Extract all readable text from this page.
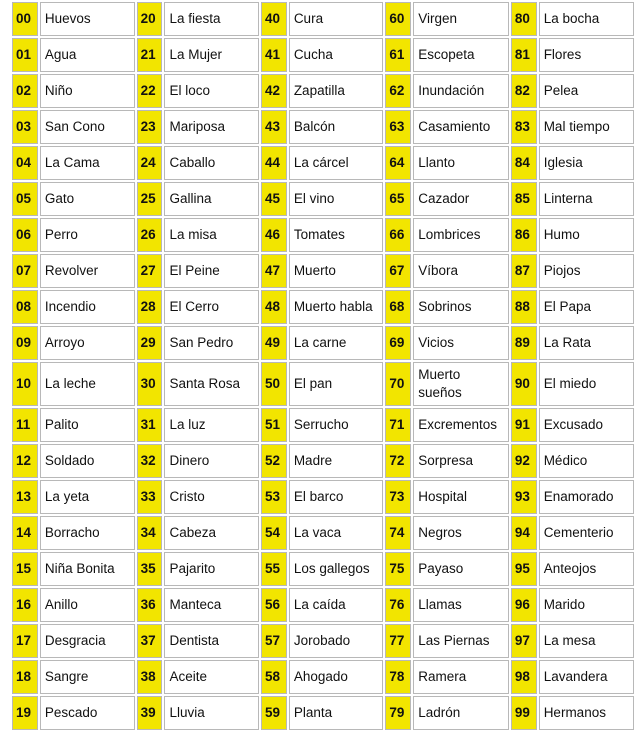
00	Huevos	20	La fiesta	40	Cura	60	Virgen	80	La bocha
01	Agua	21	La Mujer	41	Cucha	61	Escopeta	81	Flores
02	Niño	22	El loco	42	Zapatilla	62	Inundación	82	Pelea
03	San Cono	23	Mariposa	43	Balcón	63	Casamiento	83	Mal tiempo
04	La Cama	24	Caballo	44	La cárcel	64	Llanto	84	Iglesia
05	Gato	25	Gallina	45	El vino	65	Cazador	85	Linterna
06	Perro	26	La misa	46	Tomates	66	Lombrices	86	Humo
07	Revolver	27	El Peine	47	Muerto	67	Víbora	87	Piojos
08	Incendio	28	El Cerro	48	Muerto habla	68	Sobrinos	88	El Papa
09	Arroyo	29	San Pedro	49	La carne	69	Vicios	89	La Rata
10	La leche	30	Santa Rosa	50	El pan	70	Muerto sueños	90	El miedo
11	Palito	31	La luz	51	Serrucho	71	Excrementos	91	Excusado
12	Soldado	32	Dinero	52	Madre	72	Sorpresa	92	Médico
13	La yeta	33	Cristo	53	El barco	73	Hospital	93	Enamorado
14	Borracho	34	Cabeza	54	La vaca	74	Negros	94	Cementerio
15	Niña Bonita	35	Pajarito	55	Los gallegos	75	Payaso	95	Anteojos
16	Anillo	36	Manteca	56	La caída	76	Llamas	96	Marido
17	Desgracia	37	Dentista	57	Jorobado	77	Las Piernas	97	La mesa
18	Sangre	38	Aceite	58	Ahogado	78	Ramera	98	Lavandera
19	Pescado	39	Lluvia	59	Planta	79	Ladrón	99	Hermanos
